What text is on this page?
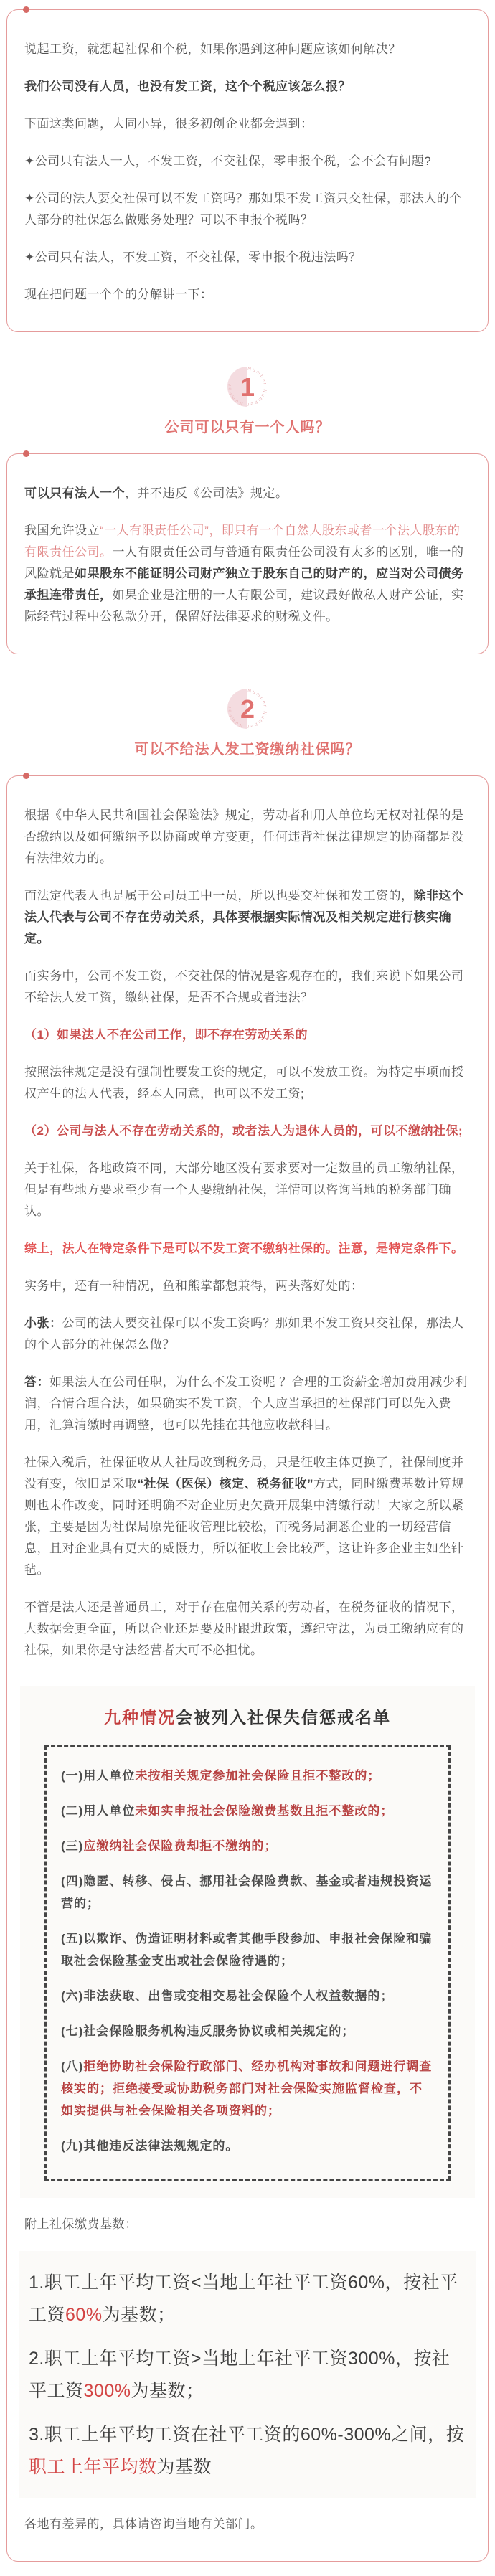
说起工资，就想起社保和个税，如果你遇到这种问题应该如何解决？

我们公司没有人员，也没有发工资，这个个税应该怎么报？

下面这类问题，大同小异，很多初创企业都会遇到：

✦公司只有法人一人，不发工资，不交社保，零申报个税，会不会有问题?

✦公司的法人要交社保可以不发工资吗？那如果不发工资只交社保，那法人的个人部分的社保怎么做账务处理？可以不申报个税吗？

✦公司只有法人，不发工资，不交社保，零申报个税违法吗？

现在把问题一个个的分解讲一下：

Number Number Number 1
公司可以只有一个人吗？

可以只有法人一个，并不违反《公司法》规定。

我国允许设立“一人有限责任公司”，即只有一个自然人股东或者一个法人股东的有限责任公司。一人有限责任公司与普通有限责任公司没有太多的区别，唯一的风险就是如果股东不能证明公司财产独立于股东自己的财产的，应当对公司债务承担连带责任，如果企业是注册的一人有限公司，建议最好做私人财产公证，实际经营过程中公私款分开，保留好法律要求的财税文件。

Number Number Number 2
可以不给法人发工资缴纳社保吗？

根据《中华人民共和国社会保险法》规定，劳动者和用人单位均无权对社保的是否缴纳以及如何缴纳予以协商或单方变更，任何违背社保法律规定的协商都是没有法律效力的。

而法定代表人也是属于公司员工中一员，所以也要交社保和发工资的，除非这个法人代表与公司不存在劳动关系，具体要根据实际情况及相关规定进行核实确定。

而实务中，公司不发工资，不交社保的情况是客观存在的，我们来说下如果公司不给法人发工资，缴纳社保，是否不合规或者违法？

（1）如果法人不在公司工作，即不存在劳动关系的

按照法律规定是没有强制性要发工资的规定，可以不发放工资。为特定事项而授权产生的法人代表，经本人同意，也可以不发工资;

（2）公司与法人不存在劳动关系的，或者法人为退休人员的，可以不缴纳社保;

关于社保，各地政策不同，大部分地区没有要求要对一定数量的员工缴纳社保，但是有些地方要求至少有一个人要缴纳社保，详情可以咨询当地的税务部门确认。

综上，法人在特定条件下是可以不发工资不缴纳社保的。注意，是特定条件下。

实务中，还有一种情况，鱼和熊掌都想兼得，两头落好处的：

小张：公司的法人要交社保可以不发工资吗？那如果不发工资只交社保，那法人的个人部分的社保怎么做？

答：如果法人在公司任职，为什么不发工资呢 ？合理的工资薪金增加费用减少利润，合情合理合法，如果确实不发工资，个人应当承担的社保部门可以先入费用，汇算清缴时再调整，也可以先挂在其他应收款科目。

社保入税后，社保征收从人社局改到税务局，只是征收主体更换了，社保制度并没有变，依旧是采取“社保（医保）核定、税务征收”方式，同时缴费基数计算规则也未作改变，同时还明确不对企业历史欠费开展集中清缴行动！大家之所以紧张，主要是因为社保局原先征收管理比较松，而税务局洞悉企业的一切经营信息，且对企业具有更大的威慑力，所以征收上会比较严，这让许多企业主如坐针毡。

不管是法人还是普通员工，对于存在雇佣关系的劳动者，在税务征收的情况下，大数据会更全面，所以企业还是要及时跟进政策，遵纪守法，为员工缴纳应有的社保，如果你是守法经营者大可不必担忧。

九种情况会被列入社保失信惩戒名单
(一)用人单位未按相关规定参加社会保险且拒不整改的；
(二)用人单位未如实申报社会保险缴费基数且拒不整改的；
(三)应缴纳社会保险费却拒不缴纳的；
(四)隐匿、转移、侵占、挪用社会保险费款、基金或者违规投资运营的；
(五)以欺诈、伪造证明材料或者其他手段参加、申报社会保险和骗取社会保险基金支出或社会保险待遇的；
(六)非法获取、出售或变相交易社会保险个人权益数据的；
(七)社会保险服务机构违反服务协议或相关规定的；
(八)拒绝协助社会保险行政部门、经办机构对事故和问题进行调查核实的；拒绝接受或协助税务部门对社会保险实施监督检查，不如实提供与社会保险相关各项资料的；
(九)其他违反法律法规规定的。

附上社保缴费基数：

1.职工上年平均工资<当地上年社平工资60%，按社平工资60%为基数；

2.职工上年平均工资>当地上年社平工资300%，按社平工资300%为基数；

3.职工上年平均工资在社平工资的60%-300%之间，按职工上年平均数为基数

各地有差异的，具体请咨询当地有关部门。
